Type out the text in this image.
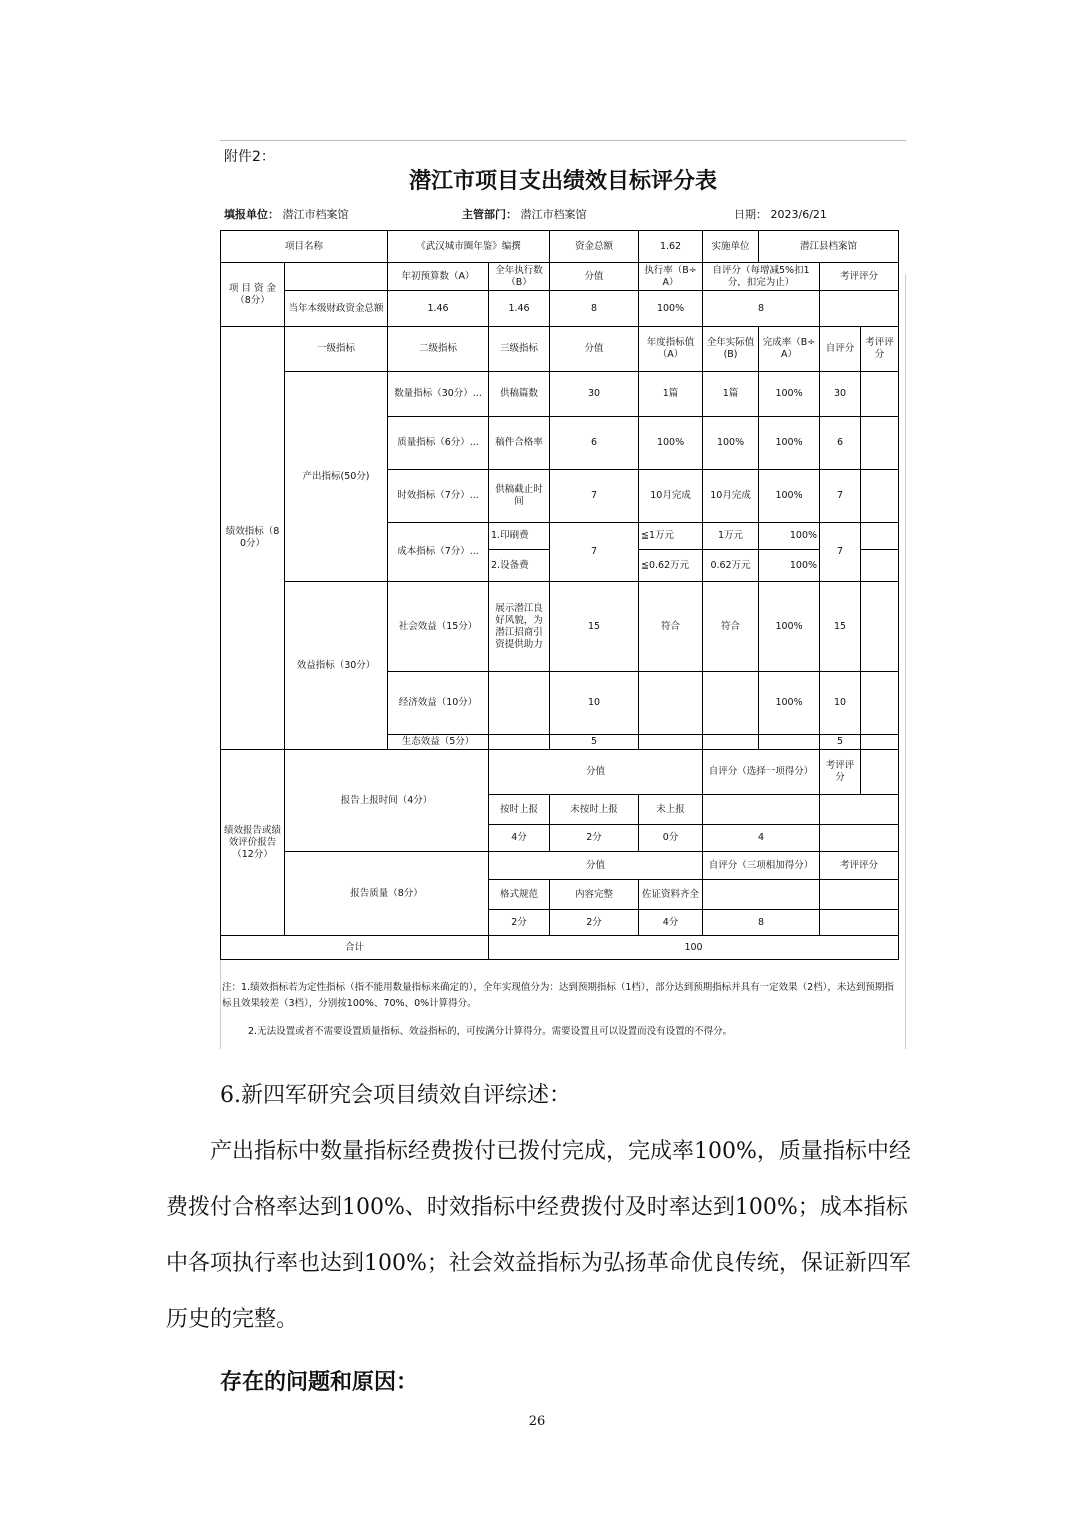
附件2：
潜江市项目支出绩效目标评分表
填报单位： 潜江市档案馆	主管部门： 潜江市档案馆	日期： 2023/6/21
项目名称		《武汉城市圈年鉴》编撰		资金总额	1.62	实施单位	潜江县档案馆		
项 目 资 金（8分）		年初预算数（A）	全年执行数（B）	分值	执行率（B÷A）	自评分（每增减5%扣1分，扣完为止）		考评评分	
	当年本级财政资金总额	1.46	1.46	8	100%	8			
绩效指标（80分）	一级指标	二级指标	三级指标	分值	年度指标值（A）	全年实际值(B)	完成率（B÷A）	自评分	考评评分
	产出指标(50分)	数量指标（30分）...	供稿篇数	30	1篇	1篇	100%	30	
		质量指标（6分）...	稿件合格率	6	100%	100%	100%	6	
		时效指标（7分）...	供稿截止时间	7	10月完成	10月完成	100%	7	
		成本指标（7分）...	1.印刷费	7	≦1万元	1万元	100%	7	
			2.设备费		≦0.62万元	0.62万元	100%		
	效益指标（30分）	社会效益（15分）	展示潜江良好风貌，为潜江招商引资提供助力	15	符合	符合	100%	15	
		经济效益（10分）		10			100%	10	
		生态效益（5分）		5				5	
绩效报告或绩效评价报告（12分）	报告上报时间（4分）		分值			自评分（选择一项得分）		考评评分	
			按时上报	未按时上报	未上报				
			4分	2分	0分	4			
	报告质量（8分）		分值			自评分（三项相加得分）		考评评分	
			格式规范	内容完整	佐证资料齐全				
			2分	2分	4分	8			
合计			100						

注：1.绩效指标若为定性指标（指不能用数量指标来确定的），全年实现值分为：达到预期指标（1档），部分达到预期指标并具有一定效果（2档），未达到预期指标且效果较差（3档），分别按100%、70%、0%计算得分。

2.无法设置或者不需要设置质量指标、效益指标的，可按满分计算得分。需要设置且可以设置而没有设置的不得分。

6.新四军研究会项目绩效自评综述：

产出指标中数量指标经费拨付已拨付完成，完成率100%，质量指标中经费拨付合格率达到100%、时效指标中经费拨付及时率达到100%；成本指标中各项执行率也达到100%；社会效益指标为弘扬革命优良传统，保证新四军历史的完整。

存在的问题和原因：

26
